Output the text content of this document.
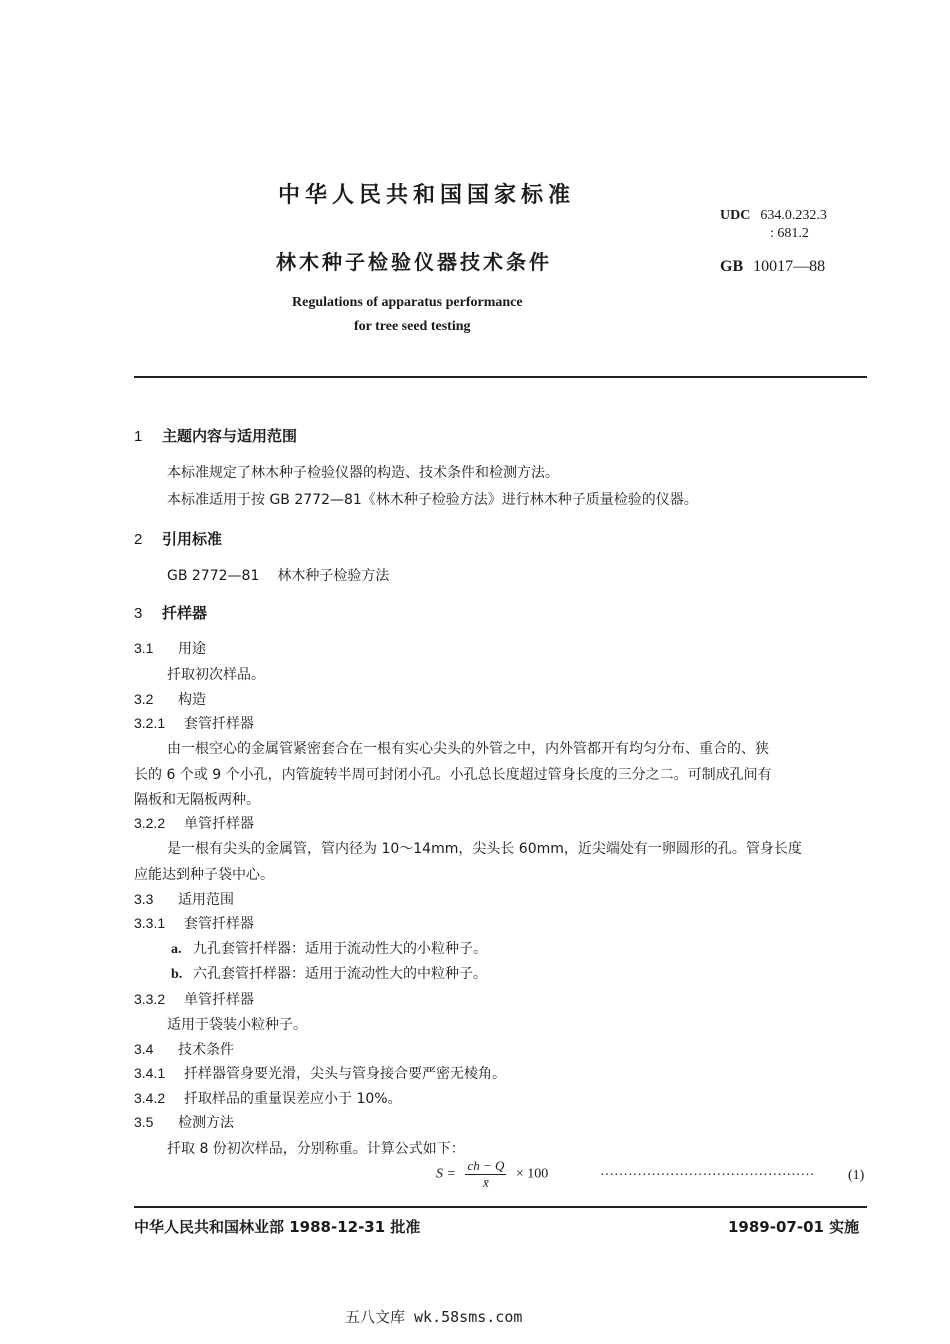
中华人民共和国国家标准
林木种子检验仪器技术条件
Regulations of apparatus performance
for tree seed testing
UDC 634.0.232.3
: 681.2
GB 10017—88
1 主题内容与适用范围
本标准规定了林木种子检验仪器的构造、技术条件和检测方法。
本标准适用于按 GB 2772—81《林木种子检验方法》进行林木种子质量检验的仪器。
2 引用标准
GB 2772—81 林木种子检验方法
3 扦样器
3.1 用途
扦取初次样品。
3.2 构造
3.2.1 套管扦样器
由一根空心的金属管紧密套合在一根有实心尖头的外管之中，内外管都开有均匀分布、重合的、狭
长的 6 个或 9 个小孔，内管旋转半周可封闭小孔。小孔总长度超过管身长度的三分之二。可制成孔间有
隔板和无隔板两种。
3.2.2 单管扦样器
是一根有尖头的金属管，管内径为 10～14mm，尖头长 60mm，近尖端处有一卵圆形的孔。管身长度
应能达到种子袋中心。
3.3 适用范围
3.3.1 套管扦样器
a. 九孔套管扦样器：适用于流动性大的小粒种子。
b. 六孔套管扦样器：适用于流动性大的中粒种子。
3.3.2 单管扦样器
适用于袋装小粒种子。
3.4 技术条件
3.4.1 扦样器管身要光滑，尖头与管身接合要严密无棱角。
3.4.2 扦取样品的重量误差应小于 10%。
3.5 检测方法
扦取 8 份初次样品，分别称重。计算公式如下：
$S = \frac{ch - Q}{x̄} \times 100$	·············································· (1)
中华人民共和国林业部 1988-12-31 批准	1989-07-01 实施
五八文库 wk.58sms.com
